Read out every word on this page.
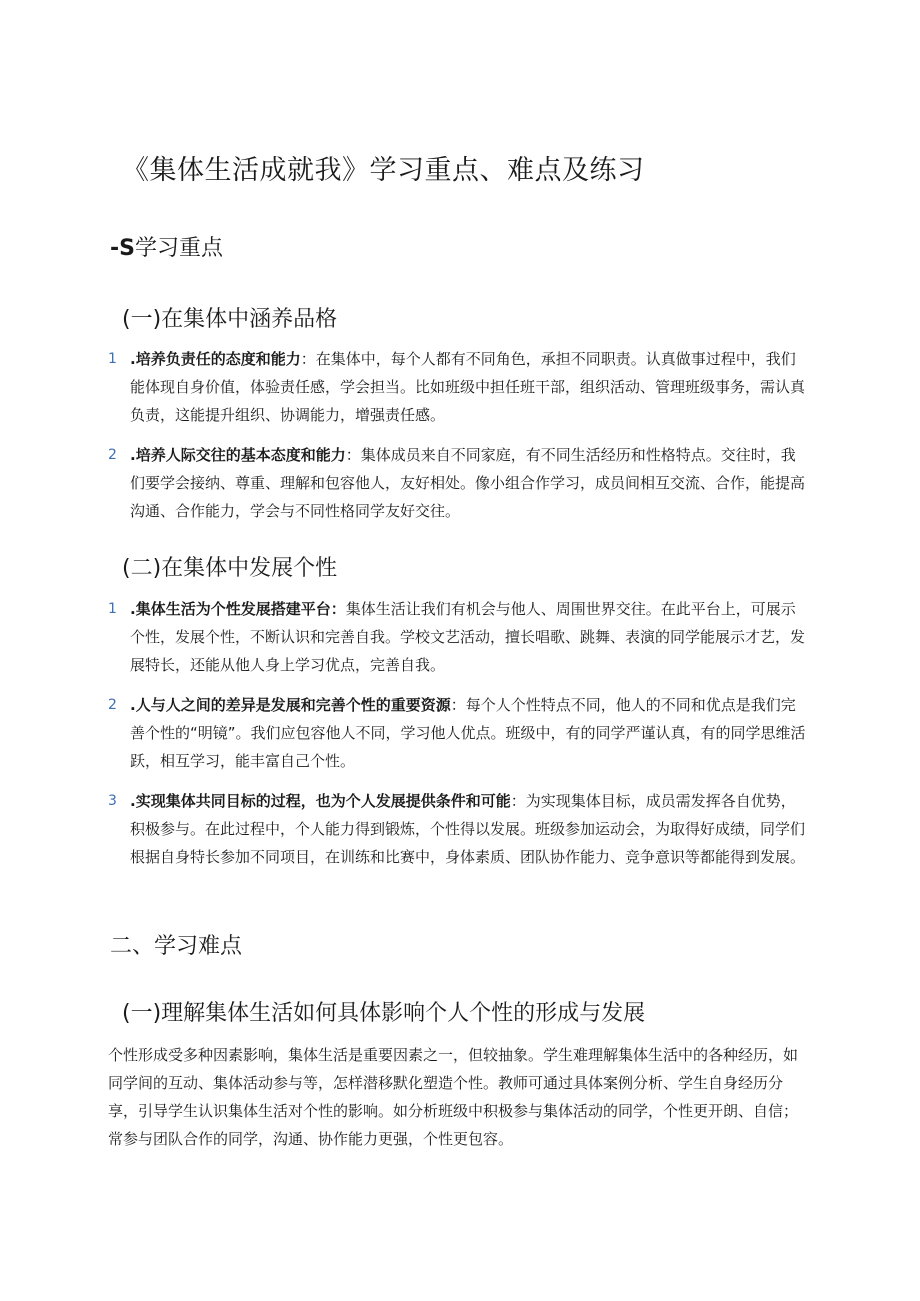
《集体生活成就我》学习重点、难点及练习
-S学习重点
(一)在集体中涵养品格
1 .培养负责任的态度和能力：在集体中，每个人都有不同角色，承担不同职责。认真做事过程中，我们能体现自身价值，体验责任感，学会担当。比如班级中担任班干部，组织活动、管理班级事务，需认真负责，这能提升组织、协调能力，增强责任感。
2 .培养人际交往的基本态度和能力：集体成员来自不同家庭，有不同生活经历和性格特点。交往时，我们要学会接纳、尊重、理解和包容他人，友好相处。像小组合作学习，成员间相互交流、合作，能提高沟通、合作能力，学会与不同性格同学友好交往。
(二)在集体中发展个性
1 .集体生活为个性发展搭建平台：集体生活让我们有机会与他人、周围世界交往。在此平台上，可展示个性，发展个性，不断认识和完善自我。学校文艺活动，擅长唱歌、跳舞、表演的同学能展示才艺，发展特长，还能从他人身上学习优点，完善自我。
2 .人与人之间的差异是发展和完善个性的重要资源：每个人个性特点不同，他人的不同和优点是我们完善个性的“明镜”。我们应包容他人不同，学习他人优点。班级中，有的同学严谨认真，有的同学思维活跃，相互学习，能丰富自己个性。
3 .实现集体共同目标的过程，也为个人发展提供条件和可能：为实现集体目标，成员需发挥各自优势，积极参与。在此过程中，个人能力得到锻炼，个性得以发展。班级参加运动会，为取得好成绩，同学们根据自身特长参加不同项目，在训练和比赛中，身体素质、团队协作能力、竞争意识等都能得到发展。
二、学习难点
(一)理解集体生活如何具体影响个人个性的形成与发展

个性形成受多种因素影响，集体生活是重要因素之一，但较抽象。学生难理解集体生活中的各种经历，如同学间的互动、集体活动参与等，怎样潜移默化塑造个性。教师可通过具体案例分析、学生自身经历分享，引导学生认识集体生活对个性的影响。如分析班级中积极参与集体活动的同学，个性更开朗、自信；常参与团队合作的同学，沟通、协作能力更强，个性更包容。
